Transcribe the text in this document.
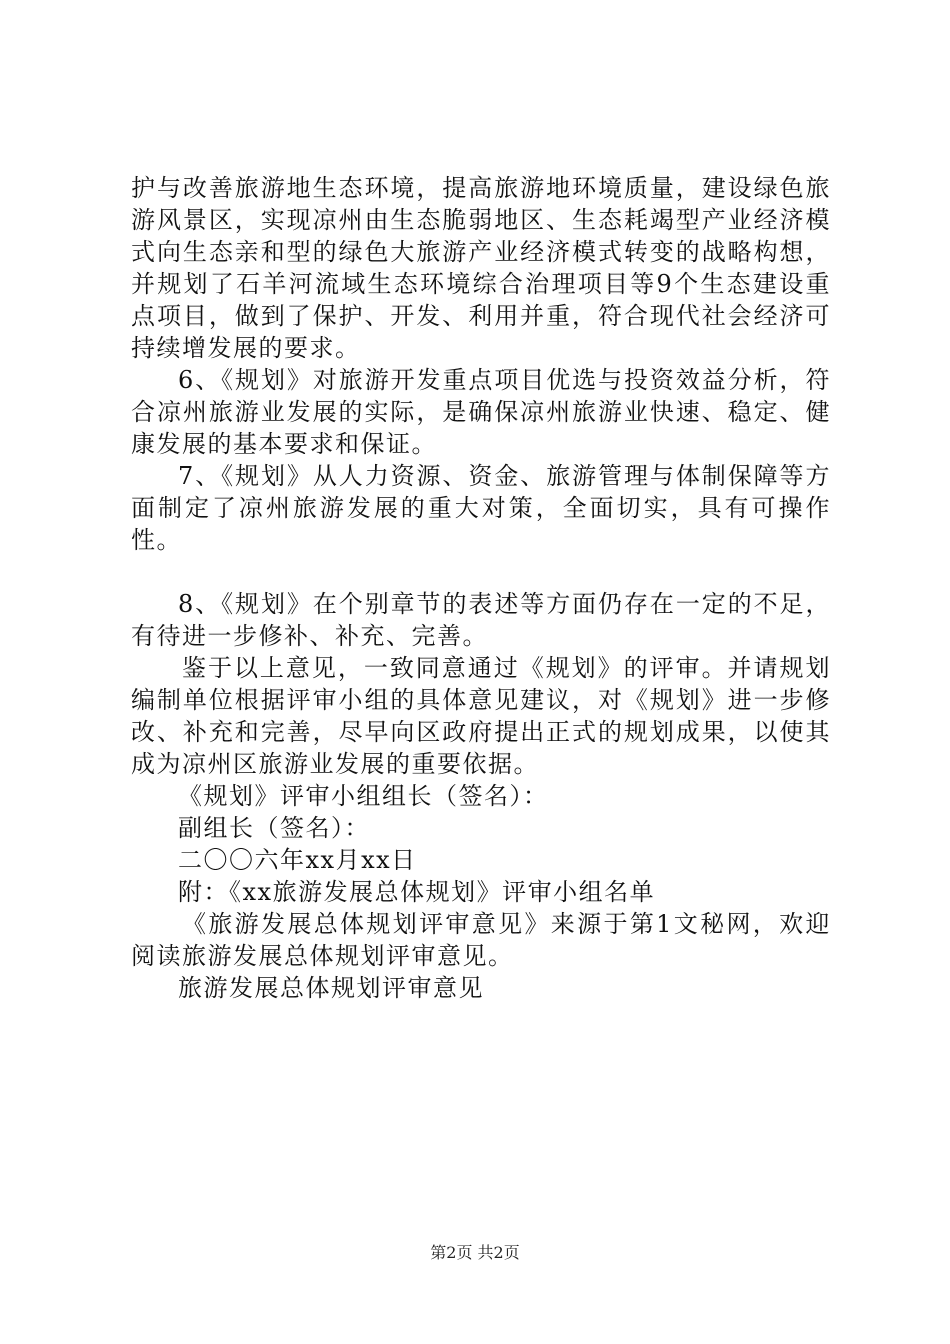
护与改善旅游地生态环境，提高旅游地环境质量，建设绿色旅游风景区，实现凉州由生态脆弱地区、生态耗竭型产业经济模式向生态亲和型的绿色大旅游产业经济模式转变的战略构想，并规划了石羊河流域生态环境综合治理项目等9个生态建设重点项目，做到了保护、开发、利用并重，符合现代社会经济可持续增发展的要求。

6、《规划》对旅游开发重点项目优选与投资效益分析，符合凉州旅游业发展的实际，是确保凉州旅游业快速、稳定、健康发展的基本要求和保证。

7、《规划》从人力资源、资金、旅游管理与体制保障等方面制定了凉州旅游发展的重大对策，全面切实，具有可操作性。

8、《规划》在个别章节的表述等方面仍存在一定的不足，有待进一步修补、补充、完善。

鉴于以上意见，一致同意通过《规划》的评审。并请规划编制单位根据评审小组的具体意见建议，对《规划》进一步修改、补充和完善，尽早向区政府提出正式的规划成果，以使其成为凉州区旅游业发展的重要依据。

《规划》评审小组组长（签名）：

副组长（签名）：

二〇〇六年xx月xx日

附：《xx旅游发展总体规划》评审小组名单

《旅游发展总体规划评审意见》来源于第1文秘网，欢迎阅读旅游发展总体规划评审意见。

旅游发展总体规划评审意见

第2页 共2页
